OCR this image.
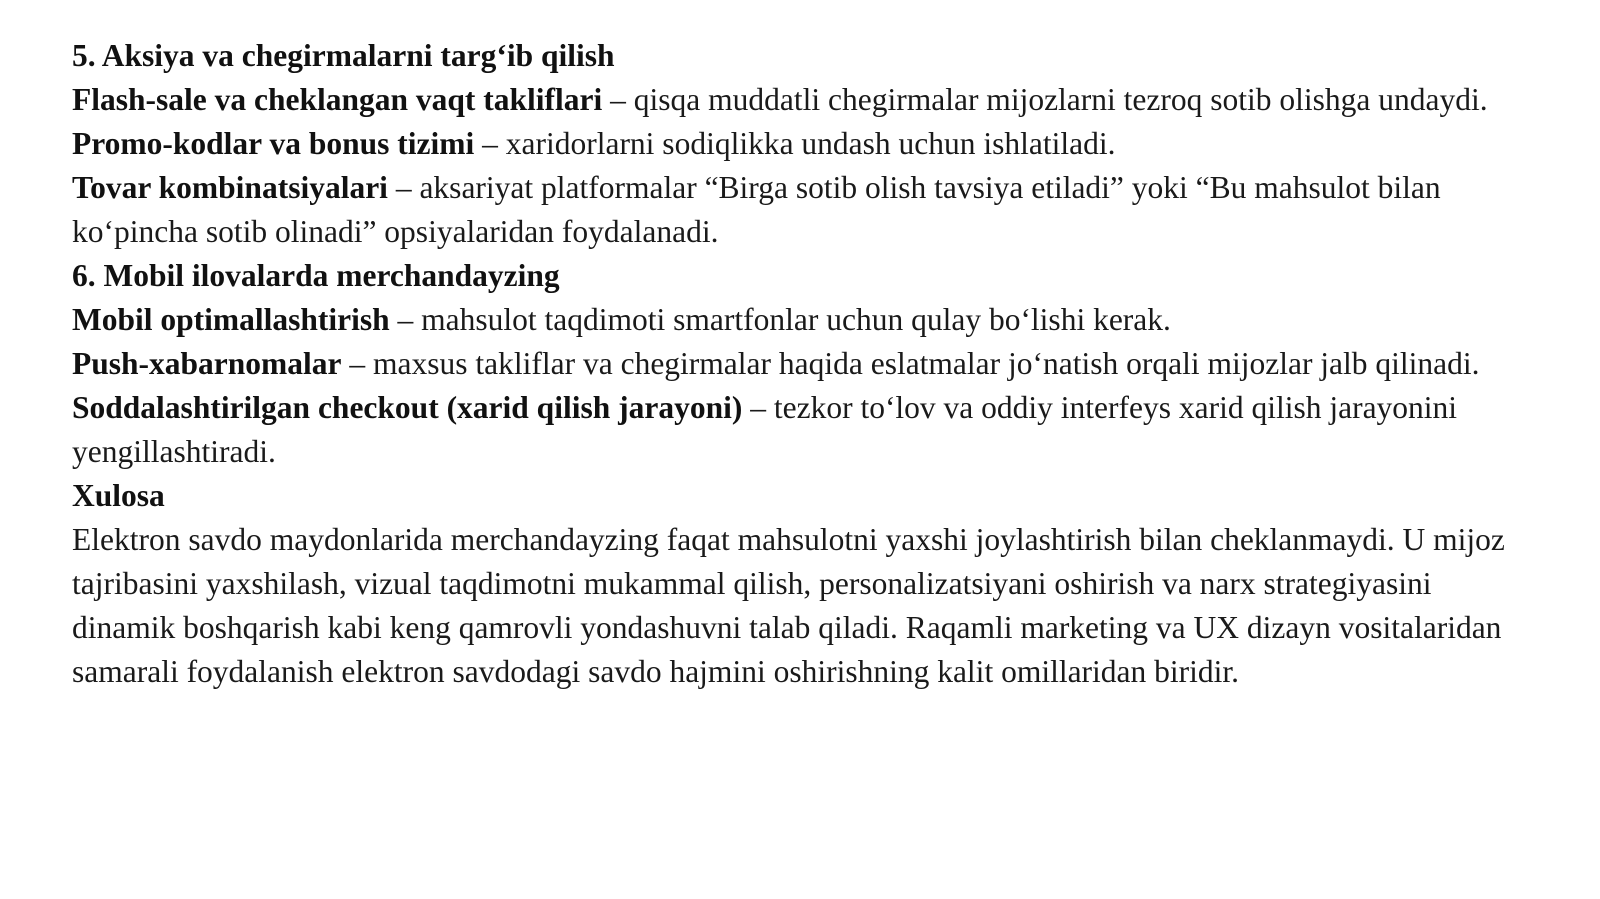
5. Aksiya va chegirmalarni targ‘ib qilish

Flash-sale va cheklangan vaqt takliflari – qisqa muddatli chegirmalar mijozlarni tezroq sotib olishga undaydi.

Promo-kodlar va bonus tizimi – xaridorlarni sodiqlikka undash uchun ishlatiladi.

Tovar kombinatsiyalari – aksariyat platformalar “Birga sotib olish tavsiya etiladi” yoki “Bu mahsulot bilan ko‘pincha sotib olinadi” opsiyalaridan foydalanadi.

6. Mobil ilovalarda merchandayzing

Mobil optimallashtirish – mahsulot taqdimoti smartfonlar uchun qulay bo‘lishi kerak.

Push-xabarnomalar – maxsus takliflar va chegirmalar haqida eslatmalar jo‘natish orqali mijozlar jalb qilinadi.

Soddalashtirilgan checkout (xarid qilish jarayoni) – tezkor to‘lov va oddiy interfeys xarid qilish jarayonini yengillashtiradi.

Xulosa

Elektron savdo maydonlarida merchandayzing faqat mahsulotni yaxshi joylashtirish bilan cheklanmaydi. U mijoz tajribasini yaxshilash, vizual taqdimotni mukammal qilish, personalizatsiyani oshirish va narx strategiyasini dinamik boshqarish kabi keng qamrovli yondashuvni talab qiladi. Raqamli marketing va UX dizayn vositalaridan samarali foydalanish elektron savdodagi savdo hajmini oshirishning kalit omillaridan biridir.
